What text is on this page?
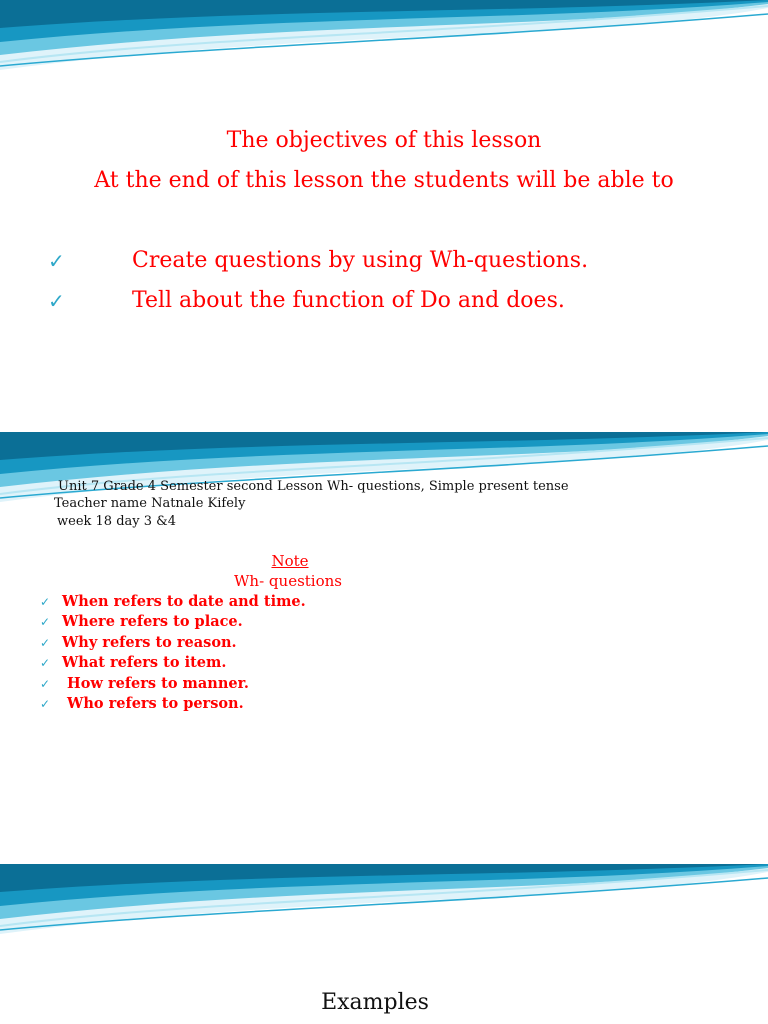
The objectives of this lesson

At the end of this lesson the students will be able to

✓	Create questions by using Wh-questions.
✓	Tell about the function of Do and does.

Unit 7 Grade 4 Semester second Lesson Wh- questions, Simple present tense

Teacher name Natnale Kifely

week 18 day 3 &4

Note

Wh- questions

✓ When refers to date and time.
✓ Where refers to place.
✓ Why refers to reason.
✓ What refers to item.
✓ How refers to manner.
✓ Who refers to person.

Examples
